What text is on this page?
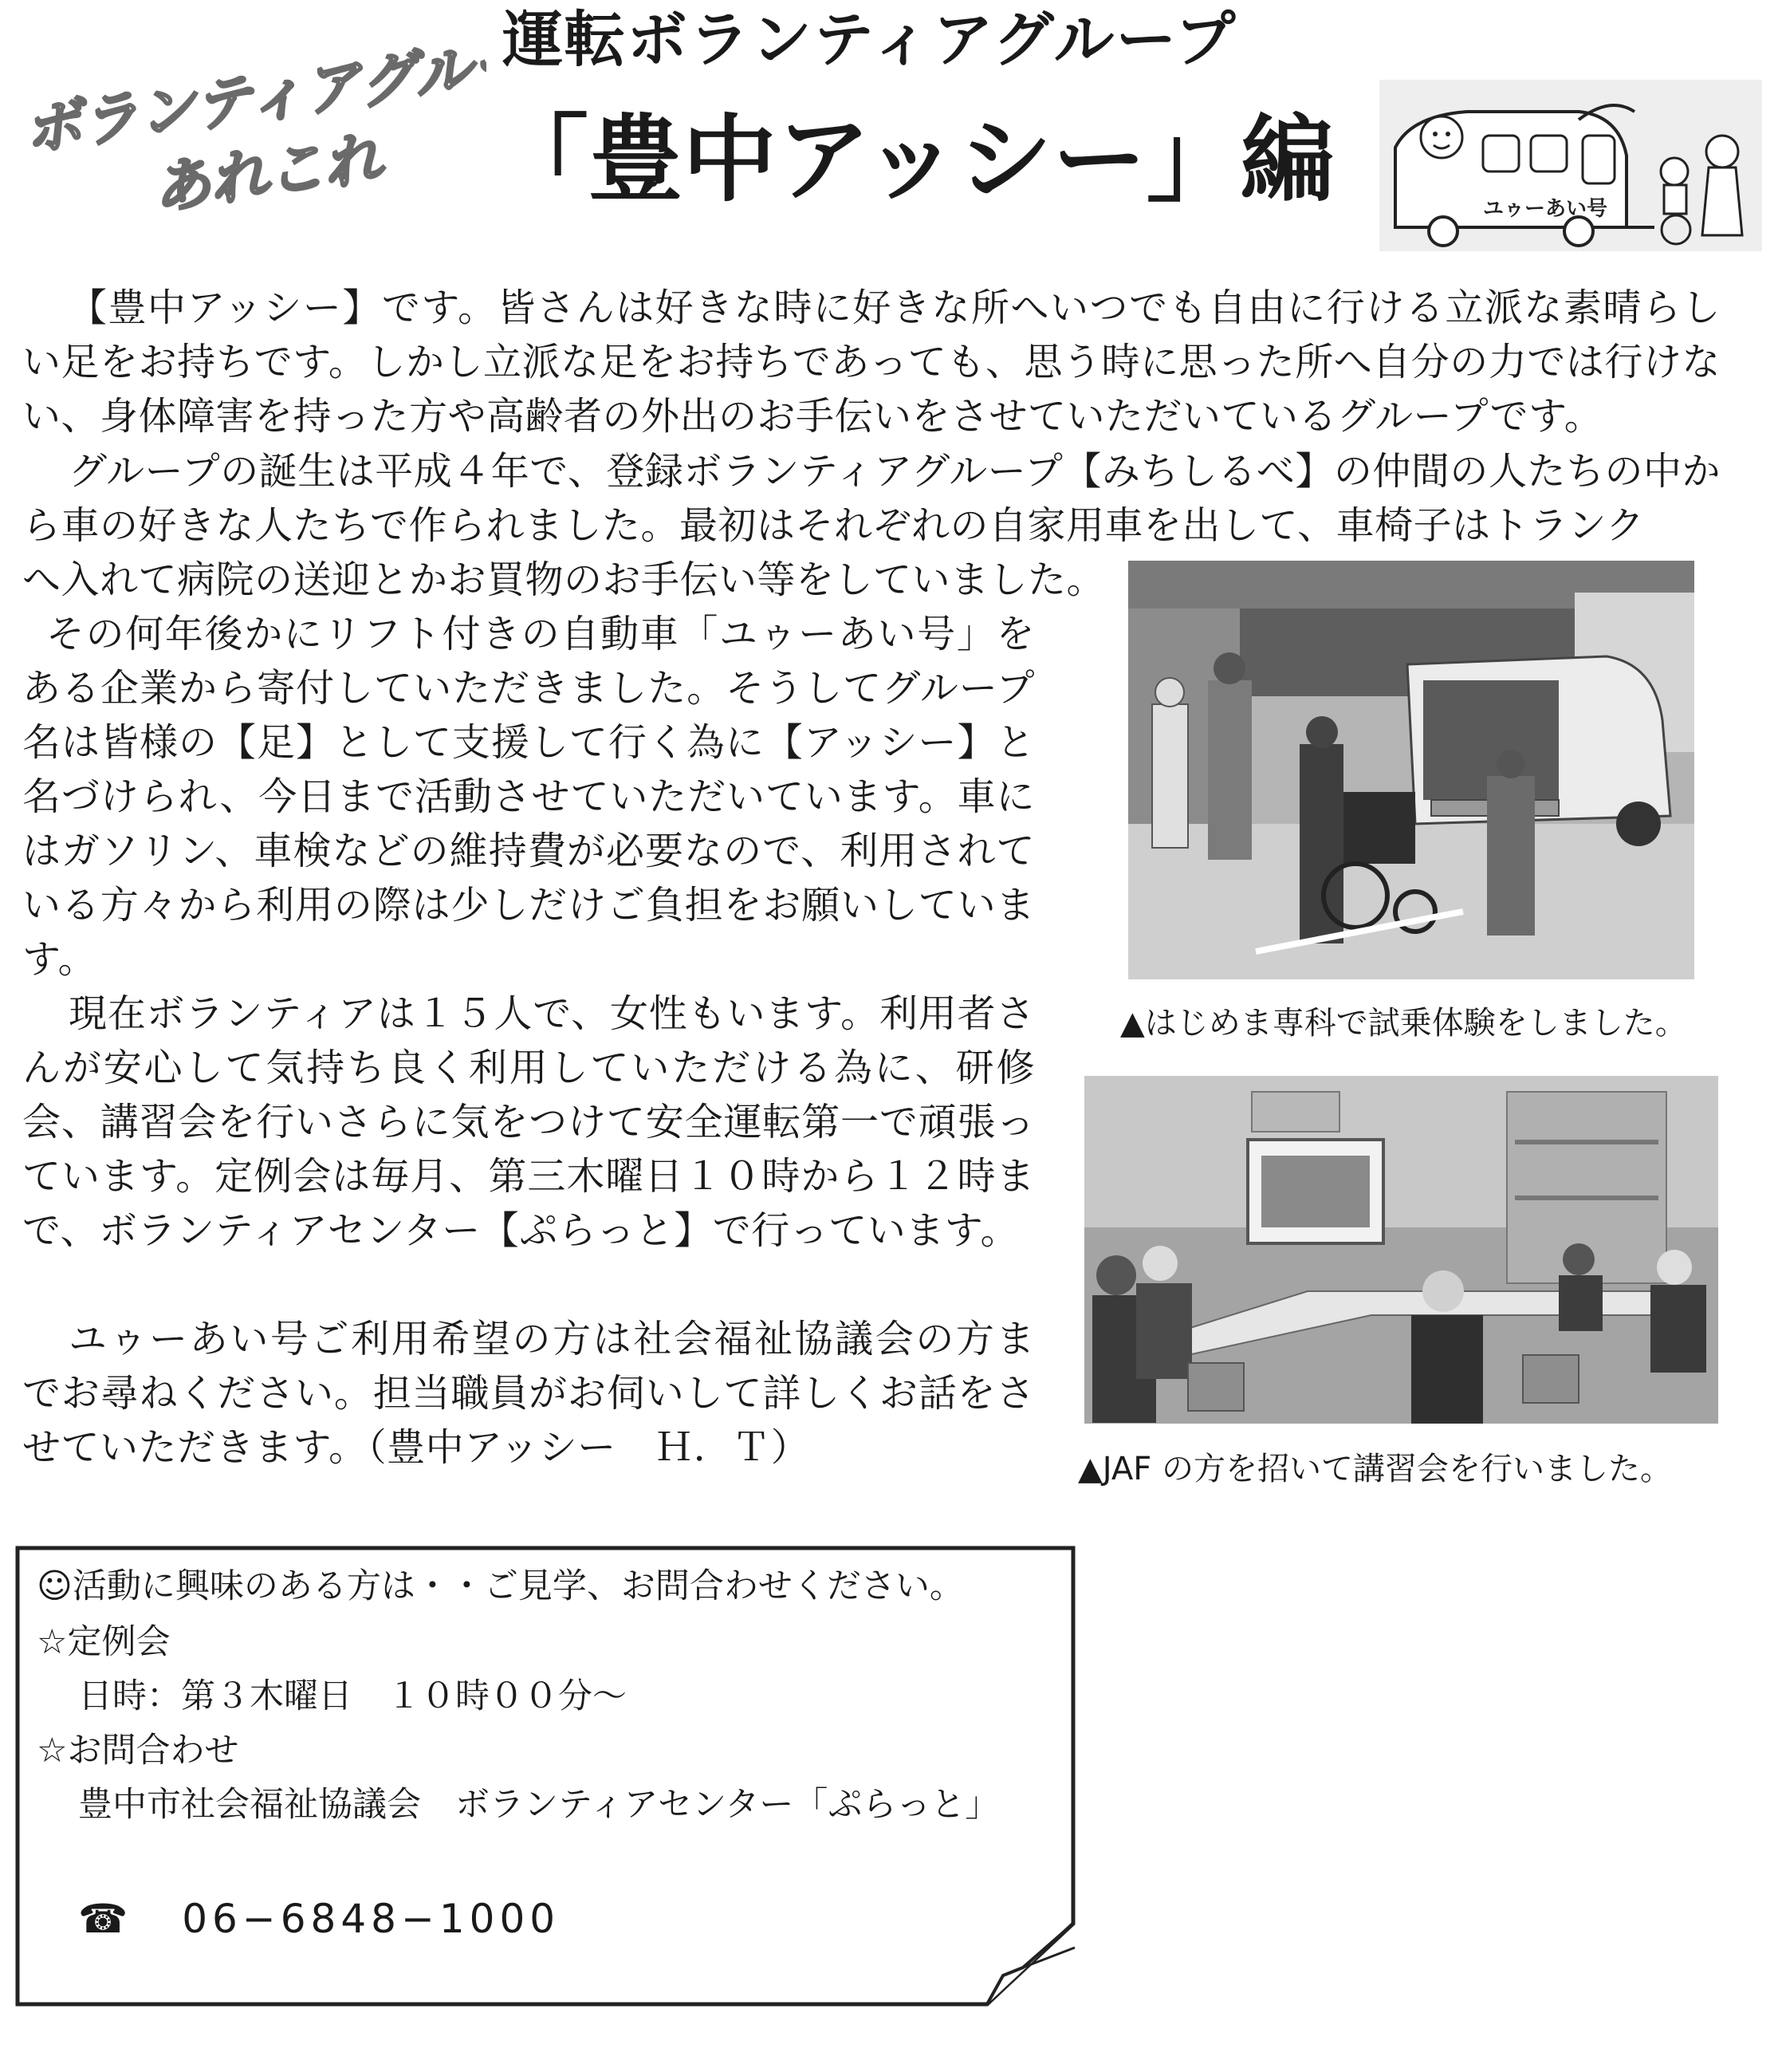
ボランティアグループ
あれこれ
運転ボランティアグループ
「豊中アッシー」編	ユゥーあい号

【豊中アッシー】です。皆さんは好きな時に好きな所へいつでも自由に行ける立派な素晴らしい足をお持ちです。しかし立派な足をお持ちであっても、思う時に思った所へ自分の力では行けない、身体障害を持った方や高齢者の外出のお手伝いをさせていただいているグループです。

グループの誕生は平成４年で、登録ボランティアグループ【みちしるべ】の仲間の人たちの中から車の好きな人たちで作られました。最初はそれぞれの自家用車を出して、車椅子はトランク

へ入れて病院の送迎とかお買物のお手伝い等をしていました。

その何年後かにリフト付きの自動車「ユゥーあい号」をある企業から寄付していただきました。そうしてグループ名は皆様の【足】として支援して行く為に【アッシー】と名づけられ、今日まで活動させていただいています。車にはガソリン、車検などの維持費が必要なので、利用されている方々から利用の際は少しだけご負担をお願いしています。

現在ボランティアは１５人で、女性もいます。利用者さんが安心して気持ち良く利用していただける為に、研修会、講習会を行いさらに気をつけて安全運転第一で頑張っています。定例会は毎月、第三木曜日１０時から１２時まで、ボランティアセンター【ぷらっと】で行っています。

ユゥーあい号ご利用希望の方は社会福祉協議会の方までお尋ねください。担当職員がお伺いして詳しくお話をさせていただきます。（豊中アッシー　Ｈ．Ｔ）

▲はじめま専科で試乗体験をしました。
▲JAF の方を招いて講習会を行いました。
☺活動に興味のある方は・・ご見学、お問合わせください。
☆定例会
日時：第３木曜日　１０時００分～
☆お問合わせ
豊中市社会福祉協議会　ボランティアセンター「ぷらっと」
☎ 06−6848−1000
